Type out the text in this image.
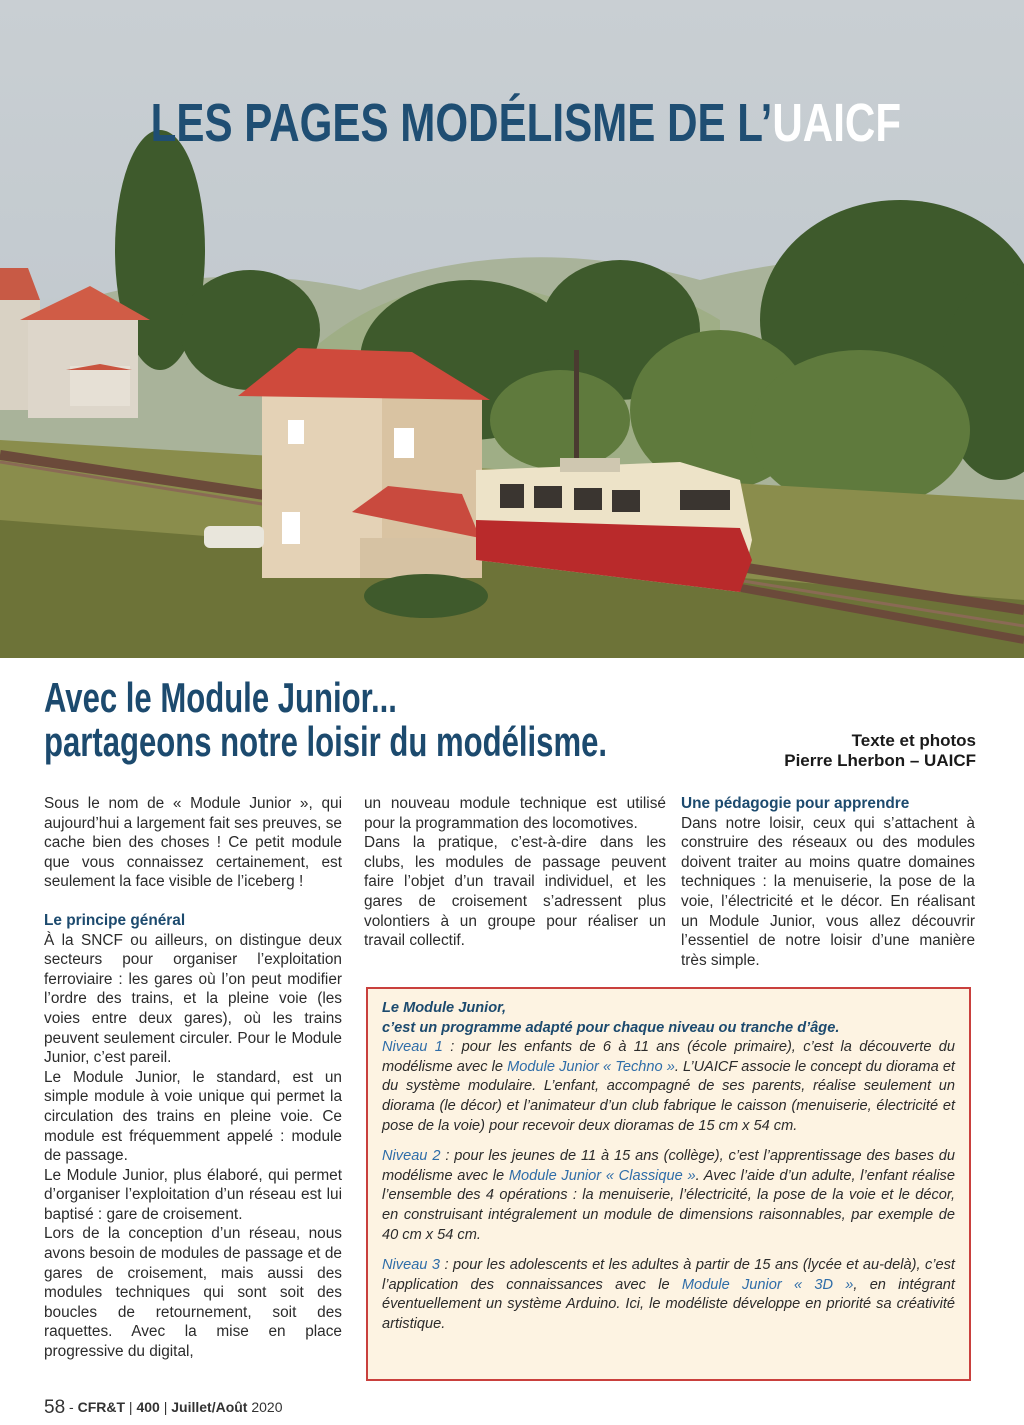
LES PAGES MODÉLISME DE L’UAICF
Avec le Module Junior...
partageons notre loisir du modélisme.	Texte et photos
Pierre Lherbon – UAICF

Sous le nom de « Module Junior », qui aujourd’hui a largement fait ses preuves, se cache bien des choses ! Ce petit module que vous connaissez certainement, est seulement la face visible de l’iceberg !

Le principe général

À la SNCF ou ailleurs, on distingue deux secteurs pour organiser l’exploitation ferroviaire : les gares où l’on peut modifier l’ordre des trains, et la pleine voie (les voies entre deux gares), où les trains peuvent seulement circuler. Pour le Module Junior, c’est pareil.

Le Module Junior, le standard, est un simple module à voie unique qui permet la circulation des trains en pleine voie. Ce module est fréquemment appelé : module de passage.

Le Module Junior, plus élaboré, qui permet d’organiser l’exploitation d’un réseau est lui baptisé : gare de croisement.

Lors de la conception d’un réseau, nous avons besoin de modules de passage et de gares de croisement, mais aussi des modules techniques qui sont soit des boucles de retournement, soit des raquettes. Avec la mise en place progressive du digital,

un nouveau module technique est utilisé pour la programmation des locomotives.

Dans la pratique, c’est-à-dire dans les clubs, les modules de passage peuvent faire l’objet d’un travail individuel, et les gares de croisement s’adressent plus volontiers à un groupe pour réaliser un travail collectif.

Une pédagogie pour apprendre

Dans notre loisir, ceux qui s’attachent à construire des réseaux ou des modules doivent traiter au moins quatre domaines techniques : la menuiserie, la pose de la voie, l’électricité et le décor. En réalisant un Module Junior, vous allez découvrir l’essentiel de notre loisir d’une manière très simple.

Le Module Junior,

c’est un programme adapté pour chaque niveau ou tranche d’âge.

Niveau 1 : pour les enfants de 6 à 11 ans (école primaire), c’est la découverte du modélisme avec le Module Junior « Techno ». L’UAICF associe le concept du diorama et du système modulaire. L’enfant, accompagné de ses parents, réalise seulement un diorama (le décor) et l’animateur d’un club fabrique le caisson (menuiserie, électricité et pose de la voie) pour recevoir deux dioramas de 15 cm x 54 cm.

Niveau 2 : pour les jeunes de 11 à 15 ans (collège), c’est l’apprentissage des bases du modélisme avec le Module Junior « Classique ». Avec l’aide d’un adulte, l’enfant réalise l’ensemble des 4 opérations : la menuiserie, l’électricité, la pose de la voie et le décor, en construisant intégralement un module de dimensions raisonnables, par exemple de 40 cm x 54 cm.

Niveau 3 : pour les adolescents et les adultes à partir de 15 ans (lycée et au-delà), c’est l’application des connaissances avec le Module Junior « 3D », en intégrant éventuellement un système Arduino. Ici, le modéliste développe en priorité sa créativité artistique.

58 - CFR&T | 400 | Juillet/Août 2020
